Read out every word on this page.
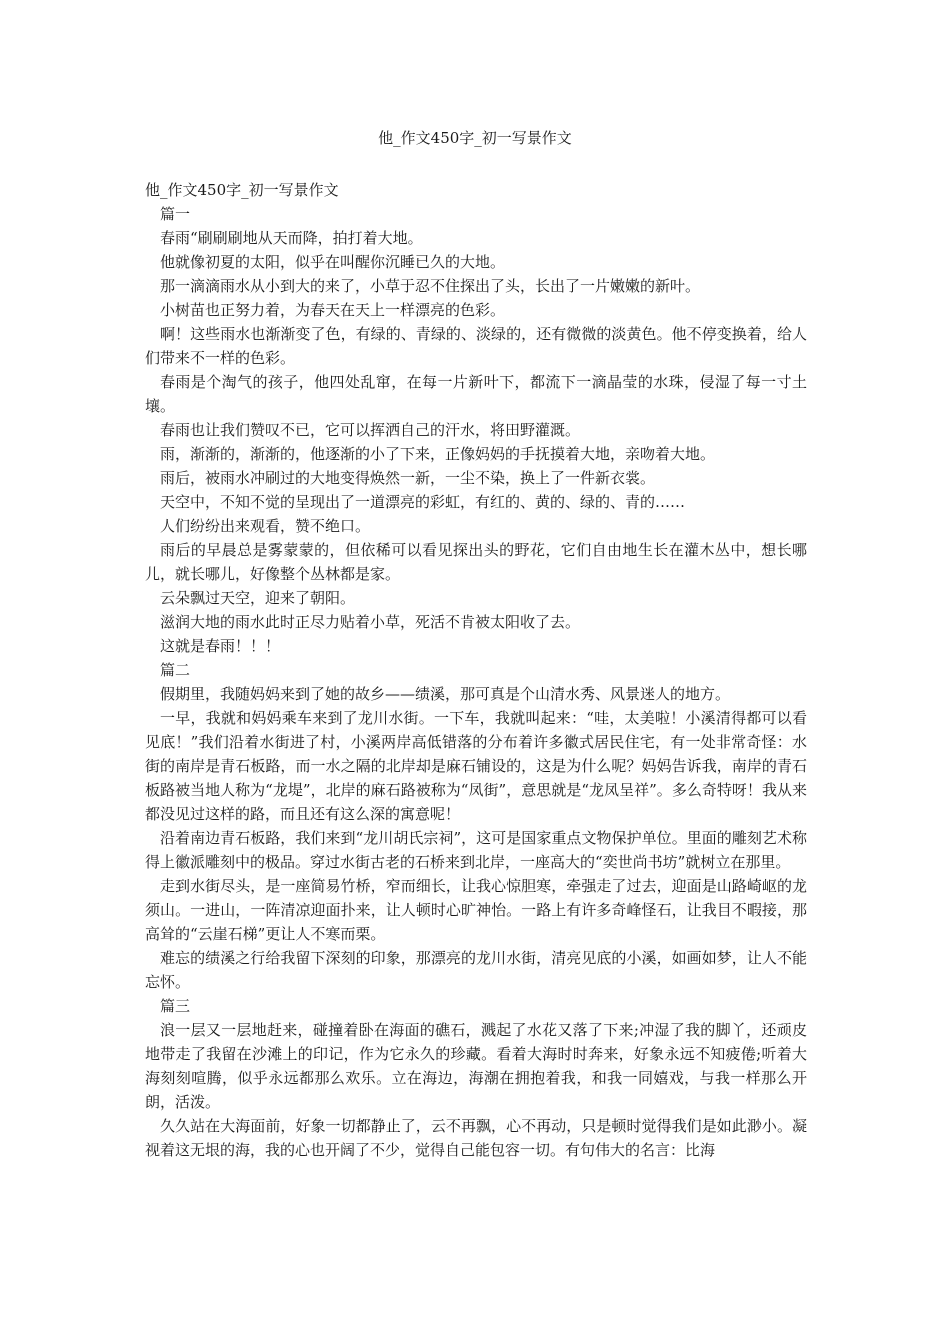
他_作文450字_初一写景作文

他_作文450字_初一写景作文

篇一

春雨“刷刷刷地从天而降，拍打着大地。

他就像初夏的太阳，似乎在叫醒你沉睡已久的大地。

那一滴滴雨水从小到大的来了，小草于忍不住探出了头，长出了一片嫩嫩的新叶。

小树苗也正努力着，为春天在天上一样漂亮的色彩。

啊！这些雨水也渐渐变了色，有绿的、青绿的、淡绿的，还有微微的淡黄色。他不停变换着，给人们带来不一样的色彩。

春雨是个淘气的孩子，他四处乱窜，在每一片新叶下，都流下一滴晶莹的水珠，侵湿了每一寸土壤。

春雨也让我们赞叹不已，它可以挥洒自己的汗水，将田野灌溉。

雨，渐渐的，渐渐的，他逐渐的小了下来，正像妈妈的手抚摸着大地，亲吻着大地。

雨后，被雨水冲刷过的大地变得焕然一新，一尘不染，换上了一件新衣裳。

天空中，不知不觉的呈现出了一道漂亮的彩虹，有红的、黄的、绿的、青的……

人们纷纷出来观看，赞不绝口。

雨后的早晨总是雾蒙蒙的，但依稀可以看见探出头的野花，它们自由地生长在灌木丛中，想长哪儿，就长哪儿，好像整个丛林都是家。

云朵飘过天空，迎来了朝阳。

滋润大地的雨水此时正尽力贴着小草，死活不肯被太阳收了去。

这就是春雨！！！

篇二

假期里，我随妈妈来到了她的故乡——绩溪，那可真是个山清水秀、风景迷人的地方。

一早，我就和妈妈乘车来到了龙川水街。一下车，我就叫起来：“哇，太美啦！小溪清得都可以看见底！”我们沿着水街进了村，小溪两岸高低错落的分布着许多徽式居民住宅，有一处非常奇怪：水街的南岸是青石板路，而一水之隔的北岸却是麻石铺设的，这是为什么呢？妈妈告诉我，南岸的青石板路被当地人称为“龙堤”，北岸的麻石路被称为“凤街”，意思就是“龙凤呈祥”。多么奇特呀！我从来都没见过这样的路，而且还有这么深的寓意呢！

沿着南边青石板路，我们来到“龙川胡氏宗祠”，这可是国家重点文物保护单位。里面的雕刻艺术称得上徽派雕刻中的极品。穿过水街古老的石桥来到北岸，一座高大的“奕世尚书坊”就树立在那里。

走到水街尽头，是一座简易竹桥，窄而细长，让我心惊胆寒，牵强走了过去，迎面是山路崎岖的龙须山。一进山，一阵清凉迎面扑来，让人顿时心旷神怡。一路上有许多奇峰怪石，让我目不暇接，那高耸的“云崖石梯”更让人不寒而栗。

难忘的绩溪之行给我留下深刻的印象，那漂亮的龙川水街，清亮见底的小溪，如画如梦，让人不能忘怀。

篇三

浪一层又一层地赶来，碰撞着卧在海面的礁石，溅起了水花又落了下来;冲湿了我的脚丫，还顽皮地带走了我留在沙滩上的印记，作为它永久的珍藏。看着大海时时奔来，好象永远不知疲倦;听着大海刻刻喧腾，似乎永远都那么欢乐。立在海边，海潮在拥抱着我，和我一同嬉戏，与我一样那么开朗，活泼。

久久站在大海面前，好象一切都静止了，云不再飘，心不再动，只是顿时觉得我们是如此渺小。凝视着这无垠的海，我的心也开阔了不少，觉得自己能包容一切。有句伟大的名言：比海
